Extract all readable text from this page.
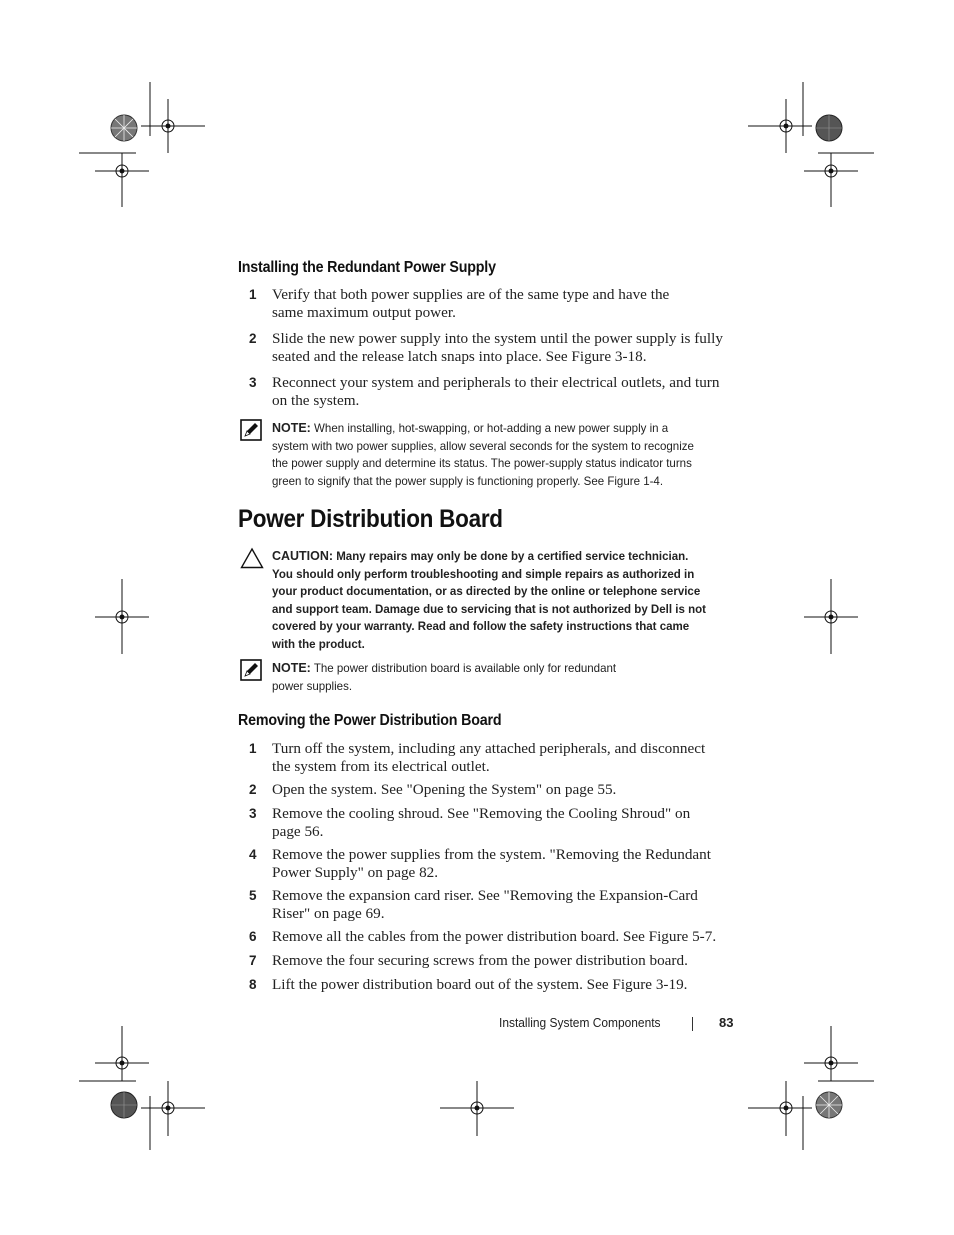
Installing the Redundant Power Supply
1 Verify that both power supplies are of the same type and have the
same maximum output power.
2 Slide the new power supply into the system until the power supply is fully
seated and the release latch snaps into place. See Figure 3-18.
3 Reconnect your system and peripherals to their electrical outlets, and turn
on the system.
NOTE: When installing, hot-swapping, or hot-adding a new power supply in a
system with two power supplies, allow several seconds for the system to recognize
the power supply and determine its status. The power-supply status indicator turns
green to signify that the power supply is functioning properly. See Figure 1-4.
Power Distribution Board
CAUTION: Many repairs may only be done by a certified service technician.
You should only perform troubleshooting and simple repairs as authorized in
your product documentation, or as directed by the online or telephone service
and support team. Damage due to servicing that is not authorized by Dell is not
covered by your warranty. Read and follow the safety instructions that came
with the product.
NOTE: The power distribution board is available only for redundant
power supplies.
Removing the Power Distribution Board
1 Turn off the system, including any attached peripherals, and disconnect
the system from its electrical outlet.
2 Open the system. See "Opening the System" on page 55.
3 Remove the cooling shroud. See "Removing the Cooling Shroud" on
page 56.
4 Remove the power supplies from the system. "Removing the Redundant
Power Supply" on page 82.
5 Remove the expansion card riser. See "Removing the Expansion-Card
Riser" on page 69.
6 Remove all the cables from the power distribution board. See Figure 5-7.
7 Remove the four securing screws from the power distribution board.
8 Lift the power distribution board out of the system. See Figure 3-19.
Installing System Components	83
